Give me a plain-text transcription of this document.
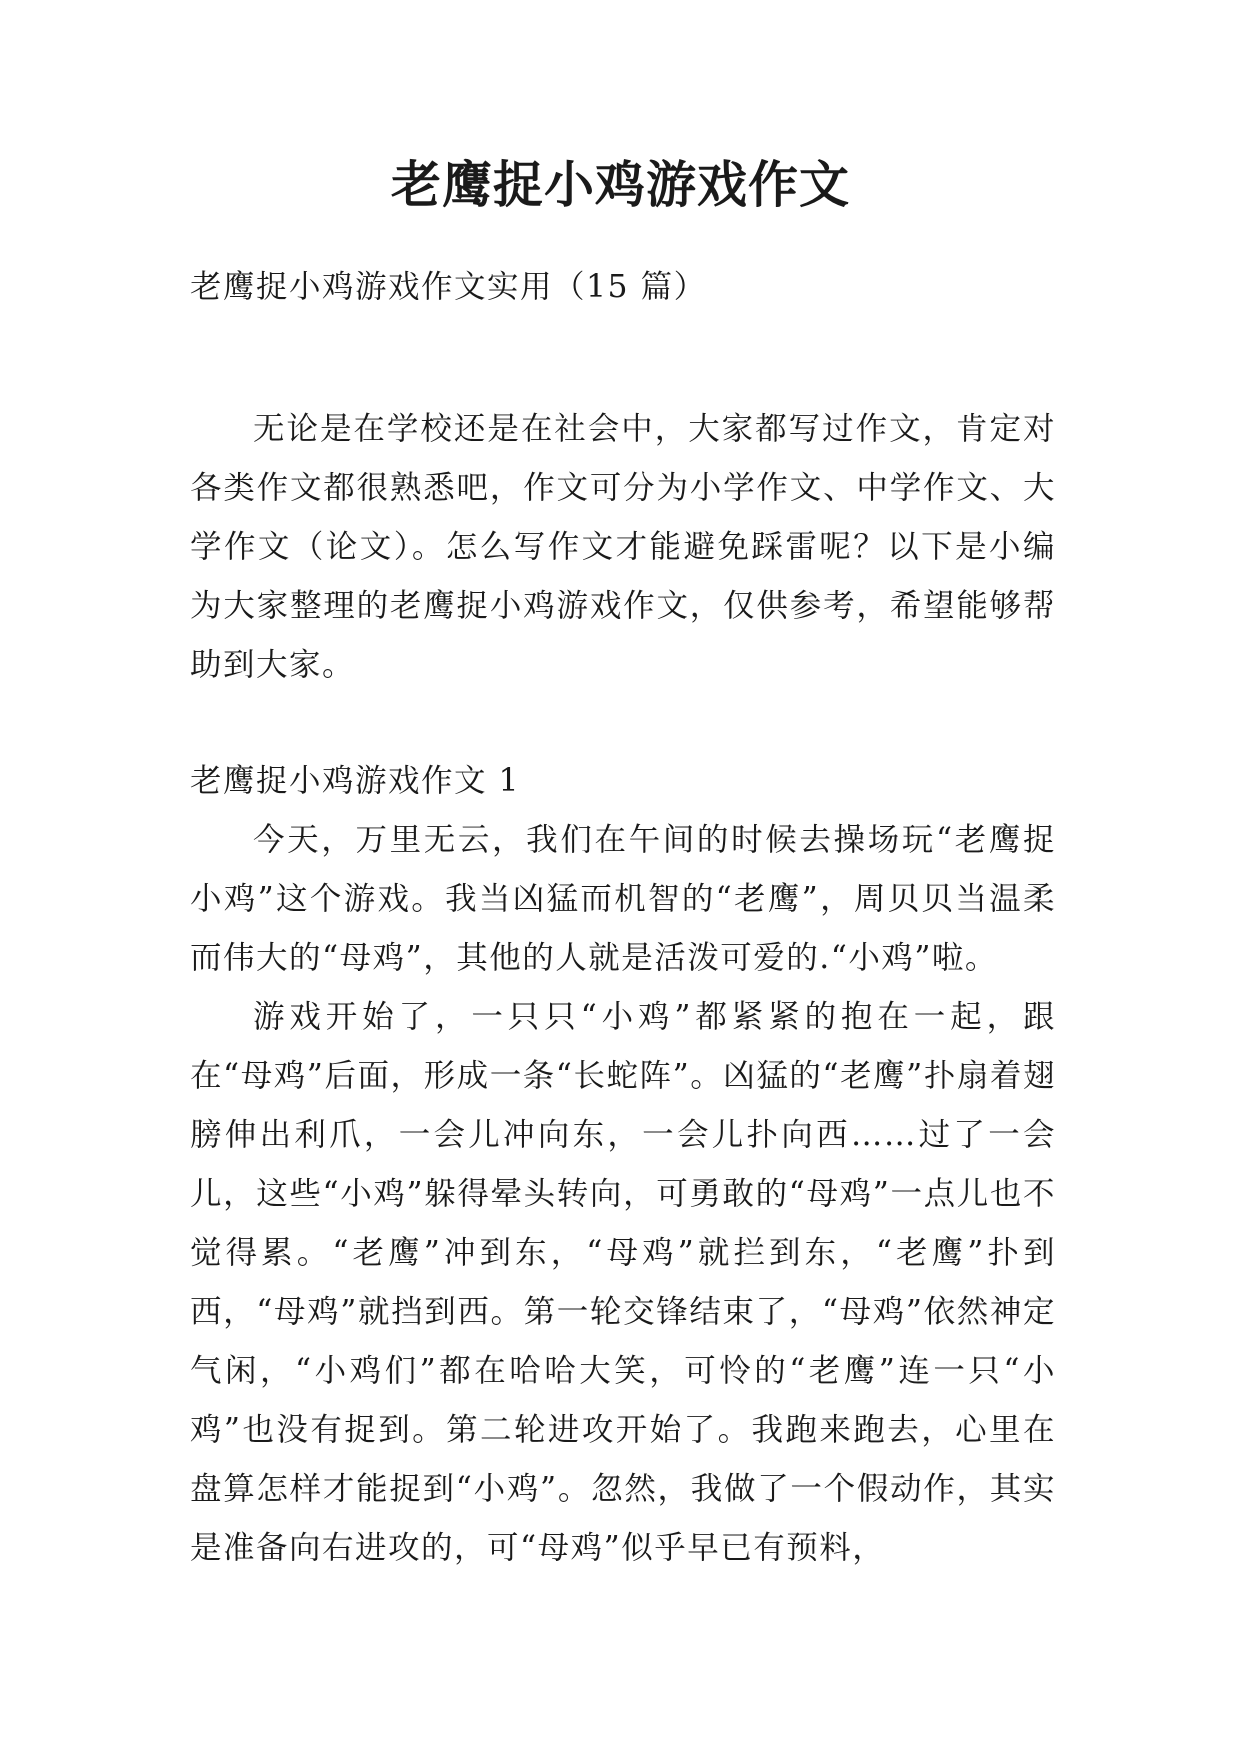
老鹰捉小鸡游戏作文

老鹰捉小鸡游戏作文实用（15 篇）

无论是在学校还是在社会中，大家都写过作文，肯定对各类作文都很熟悉吧，作文可分为小学作文、中学作文、大学作文（论文）。怎么写作文才能避免踩雷呢？以下是小编为大家整理的老鹰捉小鸡游戏作文，仅供参考，希望能够帮助到大家。

老鹰捉小鸡游戏作文 1

今天，万里无云，我们在午间的时候去操场玩“老鹰捉小鸡”这个游戏。我当凶猛而机智的“老鹰”，周贝贝当温柔而伟大的“母鸡”，其他的人就是活泼可爱的.“小鸡”啦。

游戏开始了，一只只“小鸡”都紧紧的抱在一起，跟在“母鸡”后面，形成一条“长蛇阵”。凶猛的“老鹰”扑扇着翅膀伸出利爪，一会儿冲向东，一会儿扑向西……过了一会儿，这些“小鸡”躲得晕头转向，可勇敢的“母鸡”一点儿也不觉得累。“老鹰”冲到东，“母鸡”就拦到东，“老鹰”扑到西，“母鸡”就挡到西。第一轮交锋结束了，“母鸡”依然神定气闲，“小鸡们”都在哈哈大笑，可怜的“老鹰”连一只“小鸡”也没有捉到。第二轮进攻开始了。我跑来跑去，心里在盘算怎样才能捉到“小鸡”。忽然，我做了一个假动作，其实是准备向右进攻的，可“母鸡”似乎早已有预料，
